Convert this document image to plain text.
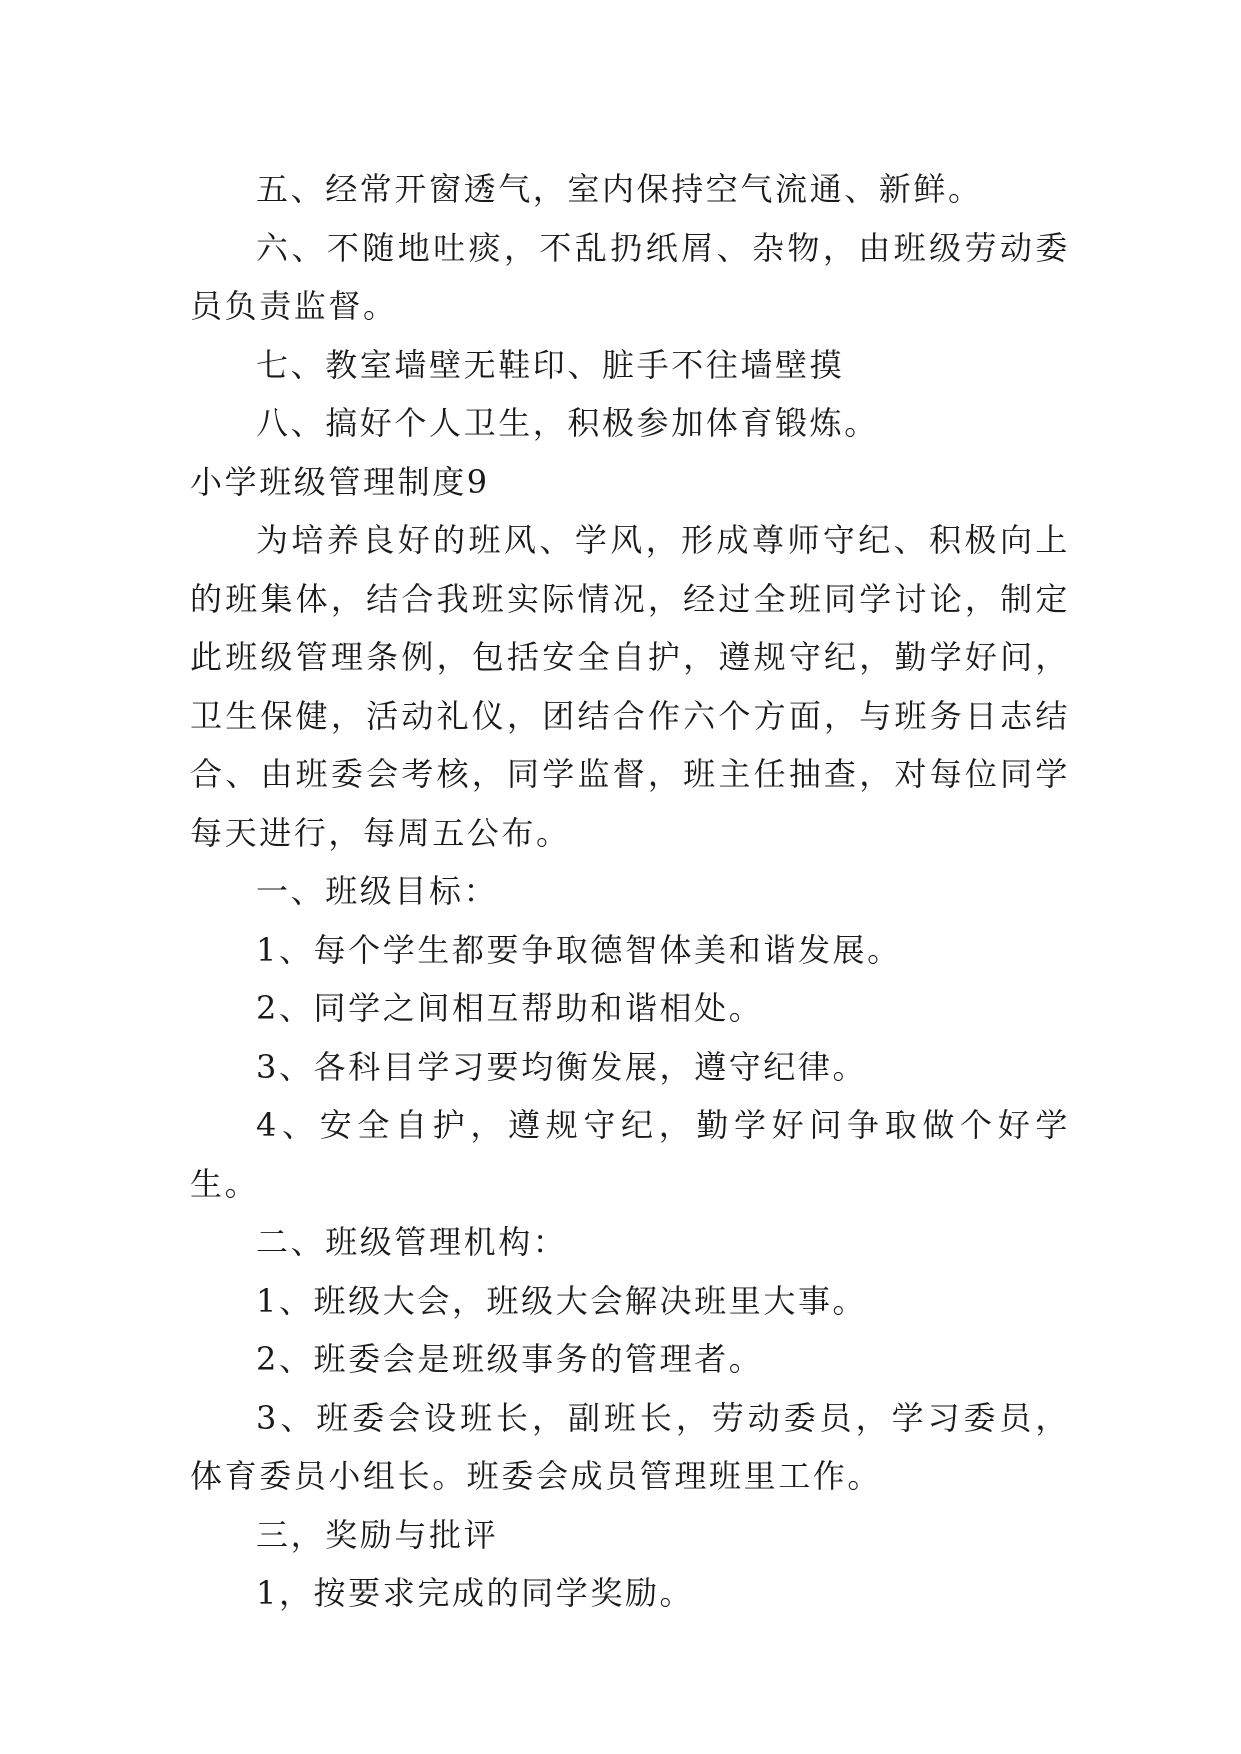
五、经常开窗透气，室内保持空气流通、新鲜。

六、不随地吐痰，不乱扔纸屑、杂物，由班级劳动委员负责监督。

七、教室墙壁无鞋印、脏手不往墙壁摸

八、搞好个人卫生，积极参加体育锻炼。

小学班级管理制度9

为培养良好的班风、学风，形成尊师守纪、积极向上的班集体，结合我班实际情况，经过全班同学讨论，制定此班级管理条例，包括安全自护，遵规守纪，勤学好问，卫生保健，活动礼仪，团结合作六个方面，与班务日志结合、由班委会考核，同学监督，班主任抽查，对每位同学每天进行，每周五公布。

一、班级目标：

1、每个学生都要争取德智体美和谐发展。

2、同学之间相互帮助和谐相处。

3、各科目学习要均衡发展，遵守纪律。

4、安全自护，遵规守纪，勤学好问争取做个好学生。

二、班级管理机构：

1、班级大会，班级大会解决班里大事。

2、班委会是班级事务的管理者。

3、班委会设班长，副班长，劳动委员，学习委员，体育委员小组长。班委会成员管理班里工作。

三，奖励与批评

1，按要求完成的同学奖励。
